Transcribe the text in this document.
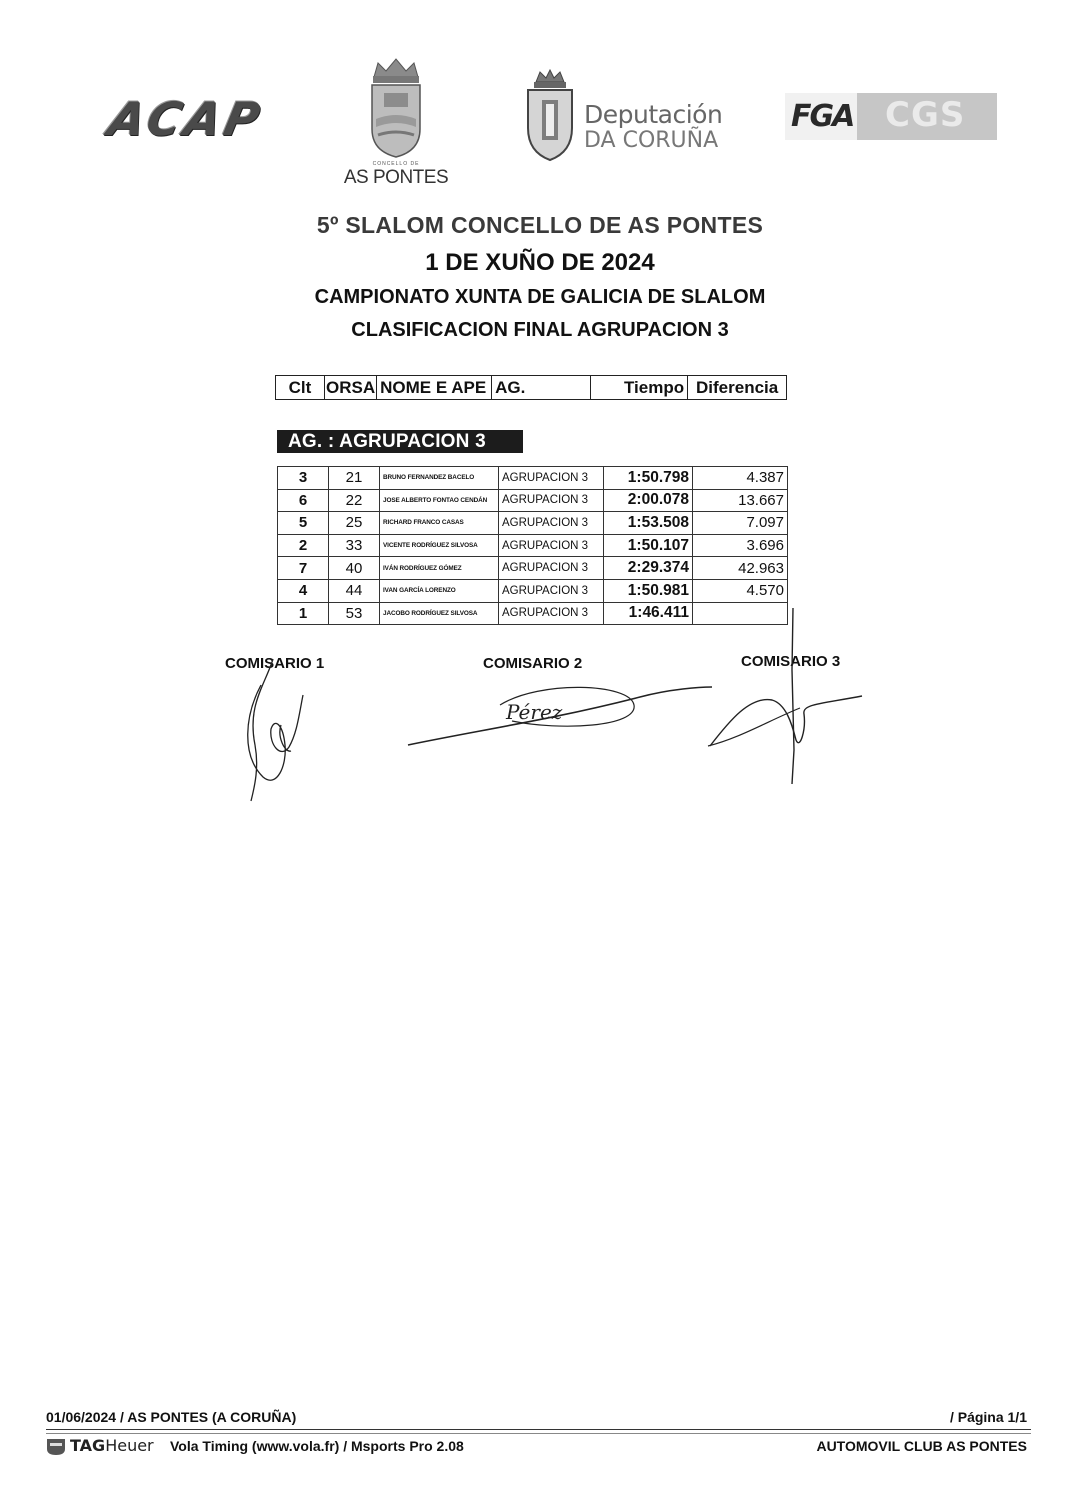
ACAP
CONCELLO DE
AS PONTES
Deputación
DA CORUÑA
FGA CGS
5º SLALOM CONCELLO DE AS PONTES
1 DE XUÑO DE 2024
CAMPIONATO XUNTA DE GALICIA DE SLALOM
CLASIFICACION FINAL AGRUPACION 3
Clt	ORSA	NOME E APE	AG.	Tiempo	Diferencia
AG. : AGRUPACION 3
3	21	BRUNO FERNANDEZ BACELO	AGRUPACION 3	1:50.798	4.387
6	22	JOSE ALBERTO FONTAO CENDÁN	AGRUPACION 3	2:00.078	13.667
5	25	RICHARD FRANCO CASAS	AGRUPACION 3	1:53.508	7.097
2	33	VICENTE RODRÍGUEZ SILVOSA	AGRUPACION 3	1:50.107	3.696
7	40	IVÁN RODRÍGUEZ GÓMEZ	AGRUPACION 3	2:29.374	42.963
4	44	IVAN GARCÍA LORENZO	AGRUPACION 3	1:50.981	4.570
1	53	JACOBO RODRÍGUEZ SILVOSA	AGRUPACION 3	1:46.411	
COMISARIO 1	COMISARIO 2	COMISARIO 3
Pérez
01/06/2024 / AS PONTES (A CORUÑA)	/ Página 1/1
TAGHeuer Vola Timing (www.vola.fr) / Msports Pro 2.08	AUTOMOVIL CLUB AS PONTES
